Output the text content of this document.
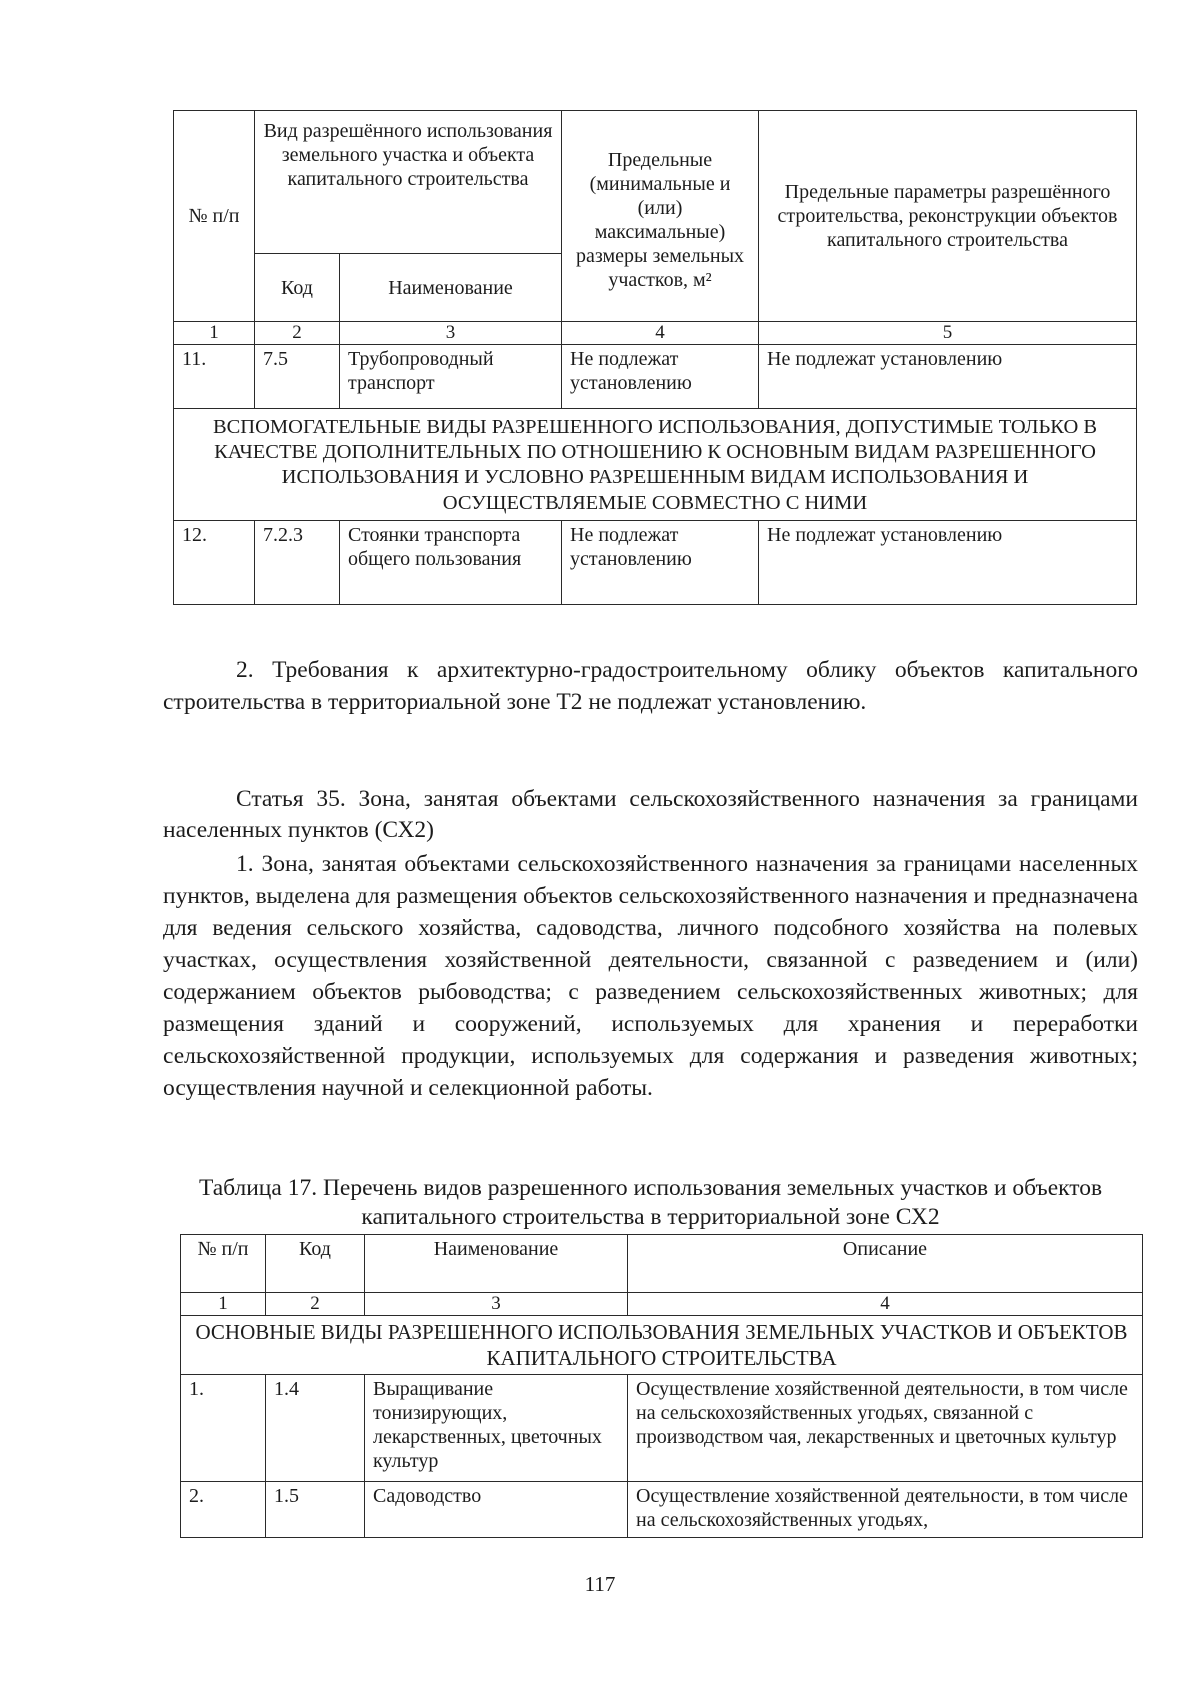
№ п/п	Вид разрешённого использования земельного участка и объекта капитального строительства		Предельные (минимальные и (или) максимальные) размеры земельных участков, м²	Предельные параметры разрешённого строительства, реконструкции объектов капитального строительства
	Код	Наименование		
1	2	3	4	5
11.	7.5	Трубопроводный транспорт	Не подлежат установлению	Не подлежат установлению
ВСПОМОГАТЕЛЬНЫЕ ВИДЫ РАЗРЕШЕННОГО ИСПОЛЬЗОВАНИЯ, ДОПУСТИМЫЕ ТОЛЬКО В КАЧЕСТВЕ ДОПОЛНИТЕЛЬНЫХ ПО ОТНОШЕНИЮ К ОСНОВНЫМ ВИДАМ РАЗРЕШЕННОГО ИСПОЛЬЗОВАНИЯ И УСЛОВНО РАЗРЕШЕННЫМ ВИДАМ ИСПОЛЬЗОВАНИЯ И ОСУЩЕСТВЛЯЕМЫЕ СОВМЕСТНО С НИМИ				
12.	7.2.3	Стоянки транспорта общего пользования	Не подлежат установлению	Не подлежат установлению

2. Требования к архитектурно-градостроительному облику объектов капитального строительства в территориальной зоне Т2 не подлежат установлению.

Статья 35. Зона, занятая объектами сельскохозяйственного назначения за границами населенных пунктов (СХ2)

1. Зона, занятая объектами сельскохозяйственного назначения за границами населенных пунктов, выделена для размещения объектов сельскохозяйственного назначения и предназначена для ведения сельского хозяйства, садоводства, личного подсобного хозяйства на полевых участках, осуществления хозяйственной деятельности, связанной с разведением и (или) содержанием объектов рыбоводства; с разведением сельскохозяйственных животных; для размещения зданий и сооружений, используемых для хранения и переработки сельскохозяйственной продукции, используемых для содержания и разведения животных; осуществления научной и селекционной работы.

Таблица 17. Перечень видов разрешенного использования земельных участков и объектов капитального строительства в территориальной зоне СХ2

№ п/п	Код	Наименование	Описание
1	2	3	4
ОСНОВНЫЕ ВИДЫ РАЗРЕШЕННОГО ИСПОЛЬЗОВАНИЯ ЗЕМЕЛЬНЫХ УЧАСТКОВ И ОБЪЕКТОВ КАПИТАЛЬНОГО СТРОИТЕЛЬСТВА			
1.	1.4	Выращивание тонизирующих, лекарственных, цветочных культур	Осуществление хозяйственной деятельности, в том числе на сельскохозяйственных угодьях, связанной с производством чая, лекарственных и цветочных культур
2.	1.5	Садоводство	Осуществление хозяйственной деятельности, в том числе на сельскохозяйственных угодьях,
117
